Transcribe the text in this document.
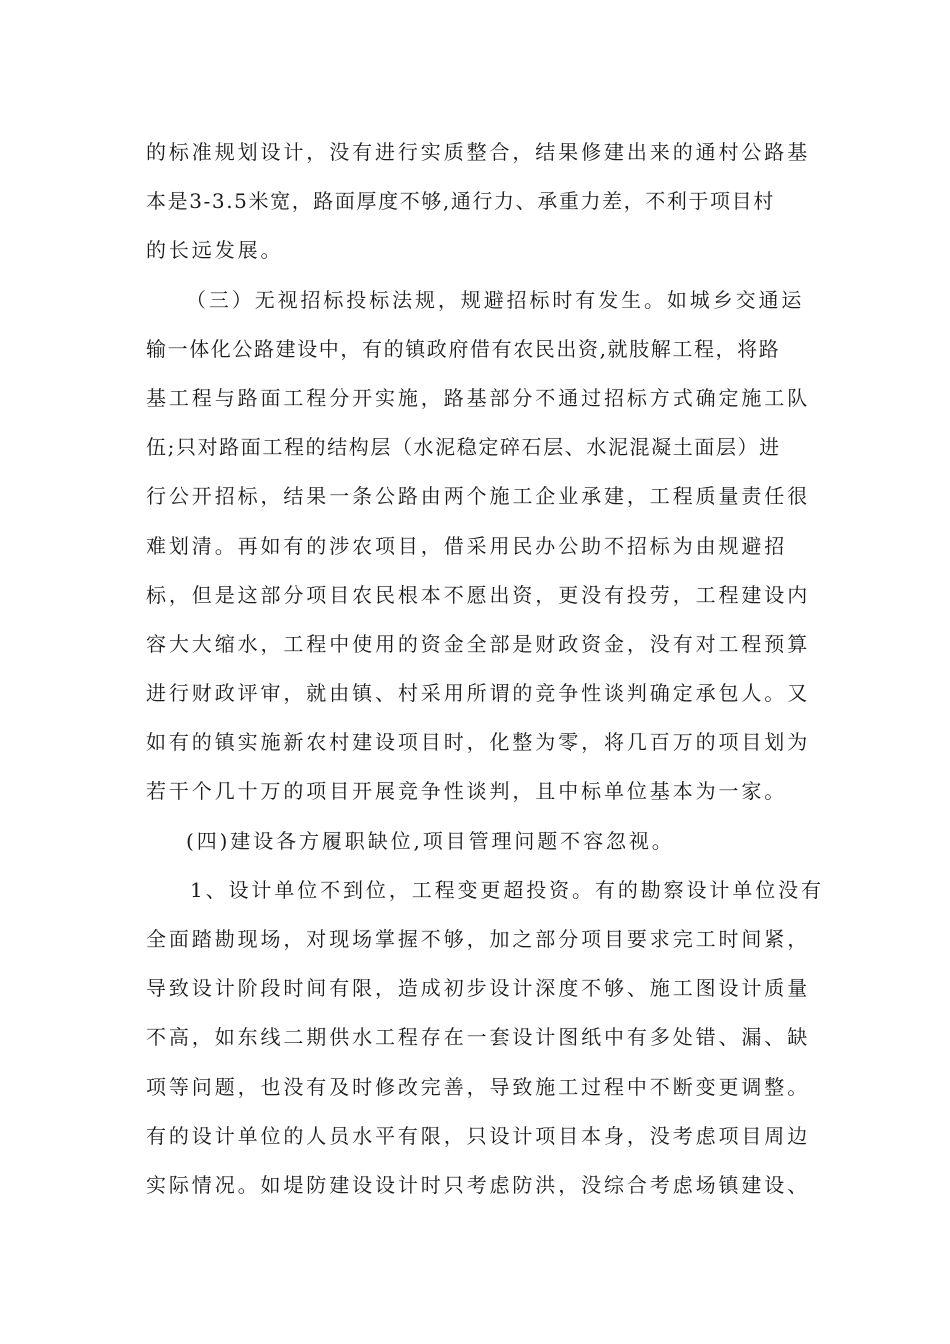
的标准规划设计，没有进行实质整合，结果修建出来的通村公路基
本是3-3.5米宽，路面厚度不够,通行力、承重力差，不利于项目村
的长远发展。
（三）无视招标投标法规，规避招标时有发生。如城乡交通运
输一体化公路建设中，有的镇政府借有农民出资,就肢解工程，将路
基工程与路面工程分开实施，路基部分不通过招标方式确定施工队
伍;只对路面工程的结构层（水泥稳定碎石层、水泥混凝土面层）进
行公开招标，结果一条公路由两个施工企业承建，工程质量责任很
难划清。再如有的涉农项目，借采用民办公助不招标为由规避招
标，但是这部分项目农民根本不愿出资，更没有投劳，工程建设内
容大大缩水，工程中使用的资金全部是财政资金，没有对工程预算
进行财政评审，就由镇、村采用所谓的竞争性谈判确定承包人。又
如有的镇实施新农村建设项目时，化整为零，将几百万的项目划为
若干个几十万的项目开展竞争性谈判，且中标单位基本为一家。
(四)建设各方履职缺位,项目管理问题不容忽视。
1、设计单位不到位，工程变更超投资。有的勘察设计单位没有
全面踏勘现场，对现场掌握不够，加之部分项目要求完工时间紧，
导致设计阶段时间有限，造成初步设计深度不够、施工图设计质量
不高，如东线二期供水工程存在一套设计图纸中有多处错、漏、缺
项等问题，也没有及时修改完善，导致施工过程中不断变更调整。
有的设计单位的人员水平有限，只设计项目本身，没考虑项目周边
实际情况。如堤防建设设计时只考虑防洪，没综合考虑场镇建设、
